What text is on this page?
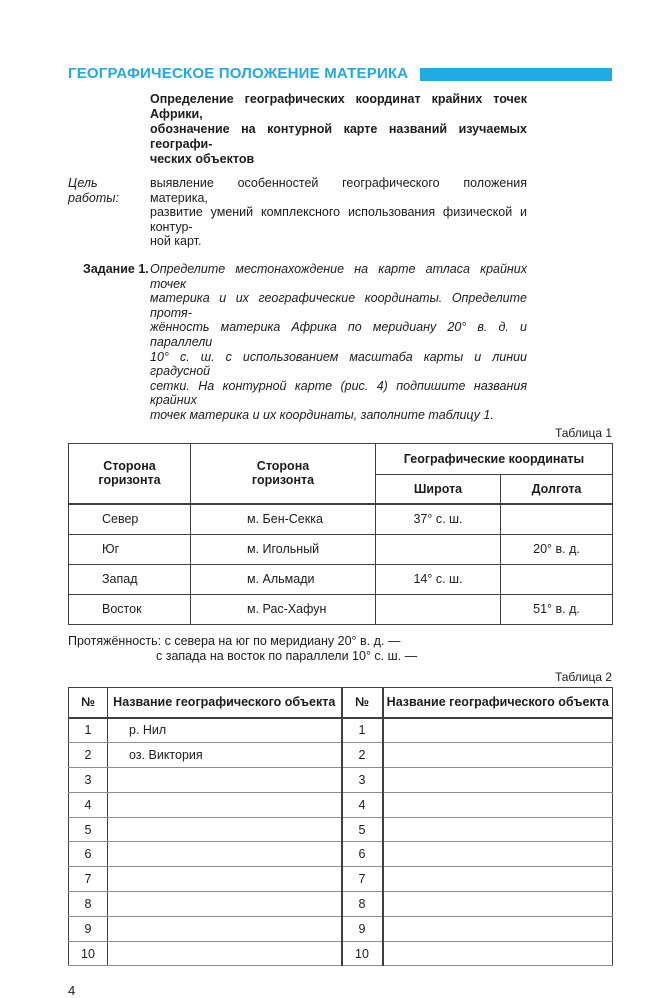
ГЕОГРАФИЧЕСКОЕ ПОЛОЖЕНИЕ МАТЕРИКА
Определение географических координат крайних точек Африки,
обозначение на контурной карте названий изучаемых географи-
ческих объектов
Цель работы:
выявление особенностей географического положения материка,
развитие умений комплексного использования физической и контур-
ной карт.
Задание 1. Определите местонахождение на карте атласа крайних точек
материка и их географические координаты. Определите протя-
жённость материка Африка по меридиану 20° в. д. и параллели
10° с. ш. с использованием масштаба карты и линии градусной
сетки. На контурной карте (рис. 4) подпишите названия крайних
точек материка и их координаты, заполните таблицу 1.
Таблица 1
Сторона горизонта	Сторона горизонта	Географические координаты	
		Широта	Долгота
Север	м. Бен-Секка	37° с. ш.	
Юг	м. Игольный		20° в. д.
Запад	м. Альмади	14° с. ш.	
Восток	м. Рас-Хафун		51° в. д.
Протяжённость: с севера на юг по меридиану 20° в. д. —
с запада на восток по параллели 10° с. ш. —
Таблица 2
№	Название географического объекта	№	Название географического объекта
1	р. Нил	1	
2	оз. Виктория	2	
3		3	
4		4	
5		5	
6		6	
7		7	
8		8	
9		9	
10		10	
4
